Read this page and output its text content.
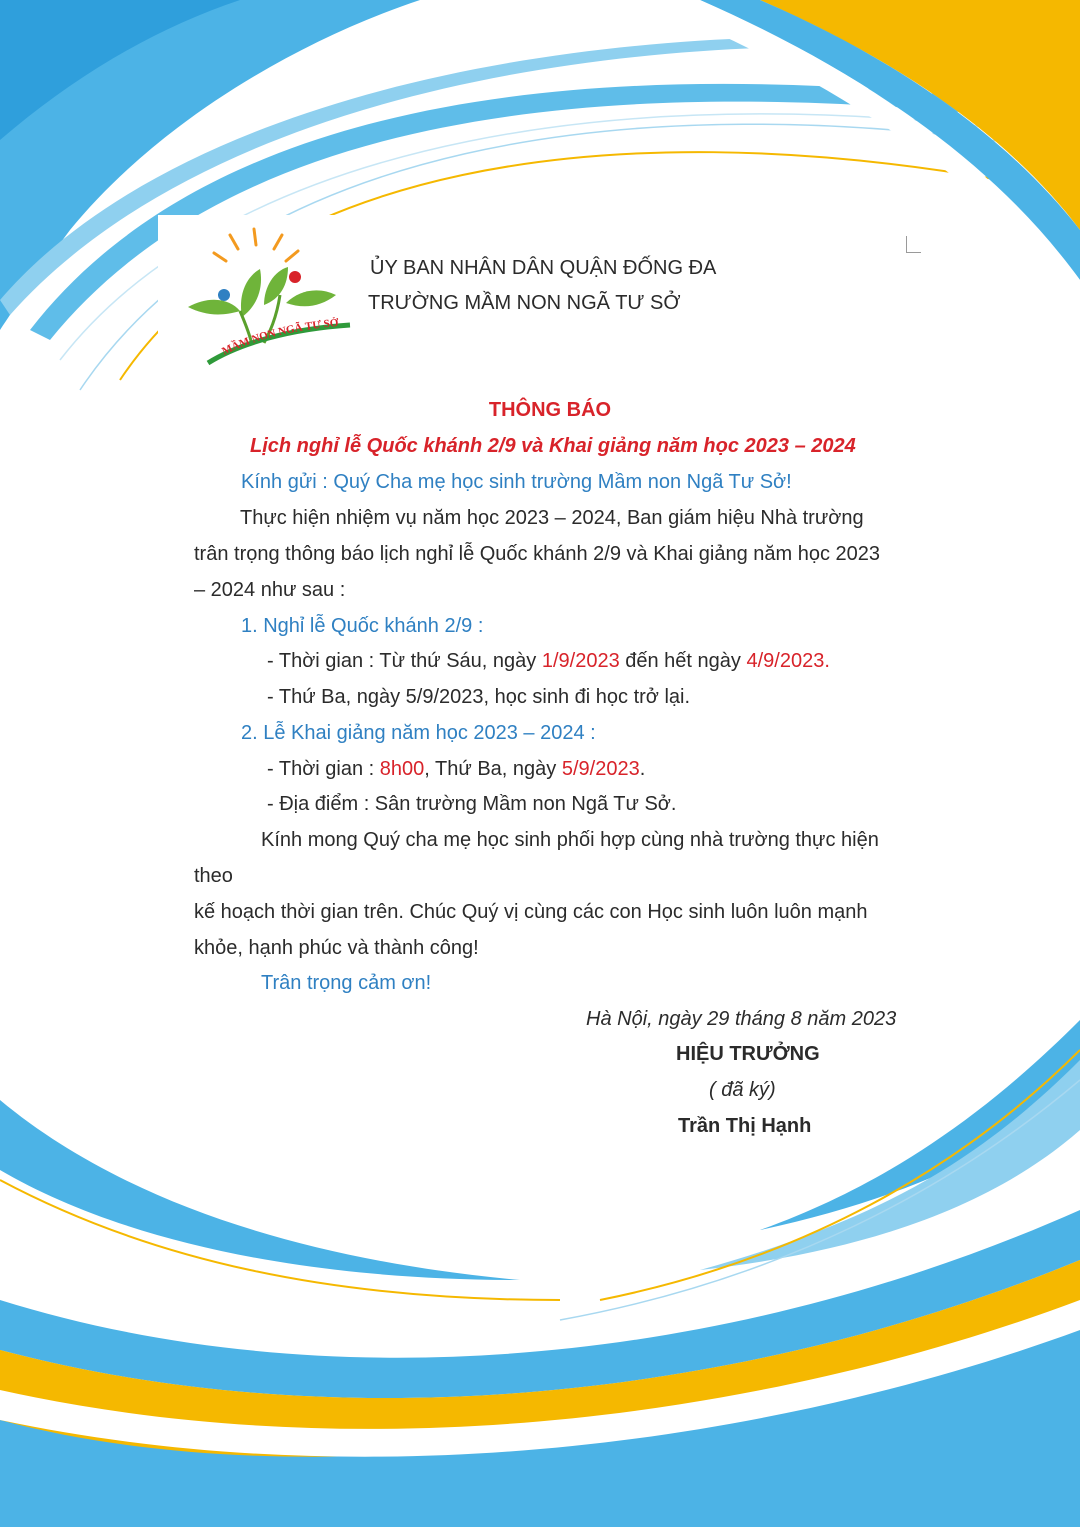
MẦM NON NGÃ TƯ SỞ
ỦY BAN NHÂN DÂN QUẬN ĐỐNG ĐA
TRƯỜNG MẦM NON NGÃ TƯ SỞ
THÔNG BÁO
Lịch nghỉ lễ Quốc khánh 2/9 và Khai giảng năm học 2023 – 2024
Kính gửi : Quý Cha mẹ học sinh trường Mầm non Ngã Tư Sở!
Thực hiện nhiệm vụ năm học 2023 – 2024, Ban giám hiệu Nhà trường
trân trọng thông báo lịch nghỉ lễ Quốc khánh 2/9 và Khai giảng năm học 2023
– 2024 như sau :
1. Nghỉ lễ Quốc khánh 2/9 :
- Thời gian : Từ thứ Sáu, ngày 1/9/2023 đến hết ngày 4/9/2023.
- Thứ Ba, ngày 5/9/2023, học sinh đi học trở lại.
2. Lễ Khai giảng năm học 2023 – 2024 :
- Thời gian : 8h00, Thứ Ba, ngày 5/9/2023.
- Địa điểm : Sân trường Mầm non Ngã Tư Sở.
Kính mong Quý cha mẹ học sinh phối hợp cùng nhà trường thực hiện
theo
kế hoạch thời gian trên. Chúc Quý vị cùng các con Học sinh luôn luôn mạnh
khỏe, hạnh phúc và thành công!
Trân trọng cảm ơn!
Hà Nội, ngày 29 tháng 8 năm 2023
HIỆU TRƯỞNG
( đã ký)
Trần Thị Hạnh
